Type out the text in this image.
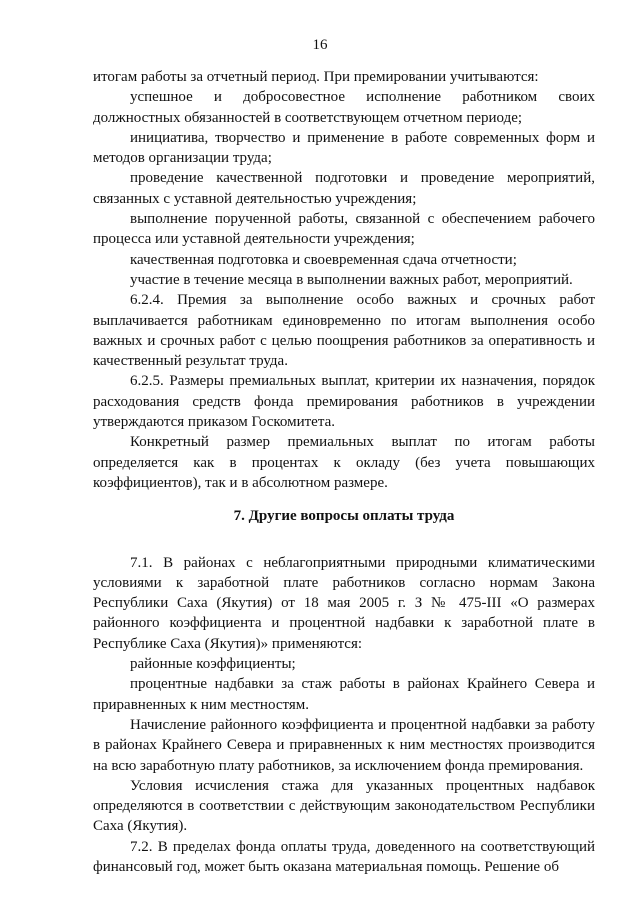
16

итогам работы за отчетный период. При премировании учитываются:

успешное и добросовестное исполнение работником своих должностных обязанностей в соответствующем отчетном периоде;

инициатива, творчество и применение в работе современных форм и методов организации труда;

проведение качественной подготовки и проведение мероприятий, связанных с уставной деятельностью учреждения;

выполнение порученной работы, связанной с обеспечением рабочего процесса или уставной деятельности учреждения;

качественная подготовка и своевременная сдача отчетности;

участие в течение месяца в выполнении важных работ, мероприятий.

6.2.4. Премия за выполнение особо важных и срочных работ выплачивается работникам единовременно по итогам выполнения особо важных и срочных работ с целью поощрения работников за оперативность и качественный результат труда.

6.2.5. Размеры премиальных выплат, критерии их назначения, порядок расходования средств фонда премирования работников в учреждении утверждаются приказом Госкомитета.

Конкретный размер премиальных выплат по итогам работы определяется как в процентах к окладу (без учета повышающих коэффициентов), так и в абсолютном размере.

7. Другие вопросы оплаты труда

7.1. В районах с неблагоприятными природными климатическими условиями к заработной плате работников согласно нормам Закона Республики Саха (Якутия) от 18 мая 2005 г. З № 475-III «О размерах районного коэффициента и процентной надбавки к заработной плате в Республике Саха (Якутия)» применяются:

районные коэффициенты;

процентные надбавки за стаж работы в районах Крайнего Севера и приравненных к ним местностям.

Начисление районного коэффициента и процентной надбавки за работу в районах Крайнего Севера и приравненных к ним местностях производится на всю заработную плату работников, за исключением фонда премирования.

Условия исчисления стажа для указанных процентных надбавок определяются в соответствии с действующим законодательством Республики Саха (Якутия).

7.2. В пределах фонда оплаты труда, доведенного на соответствующий финансовый год, может быть оказана материальная помощь. Решение об
